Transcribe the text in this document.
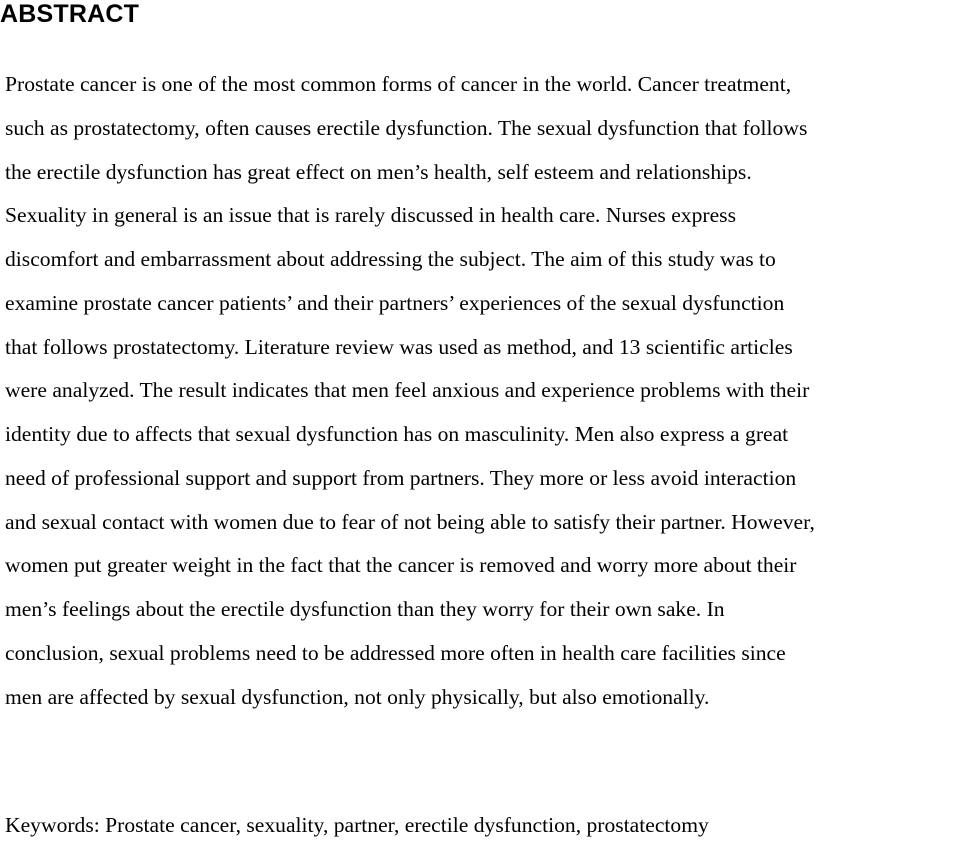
ABSTRACT
Prostate cancer is one of the most common forms of cancer in the world. Cancer treatment,
such as prostatectomy, often causes erectile dysfunction. The sexual dysfunction that follows
the erectile dysfunction has great effect on men’s health, self esteem and relationships.
Sexuality in general is an issue that is rarely discussed in health care. Nurses express
discomfort and embarrassment about addressing the subject. The aim of this study was to
examine prostate cancer patients’ and their partners’ experiences of the sexual dysfunction
that follows prostatectomy. Literature review was used as method, and 13 scientific articles
were analyzed. The result indicates that men feel anxious and experience problems with their
identity due to affects that sexual dysfunction has on masculinity. Men also express a great
need of professional support and support from partners. They more or less avoid interaction
and sexual contact with women due to fear of not being able to satisfy their partner. However,
women put greater weight in the fact that the cancer is removed and worry more about their
men’s feelings about the erectile dysfunction than they worry for their own sake. In
conclusion, sexual problems need to be addressed more often in health care facilities since
men are affected by sexual dysfunction, not only physically, but also emotionally.

Keywords: Prostate cancer, sexuality, partner, erectile dysfunction, prostatectomy
